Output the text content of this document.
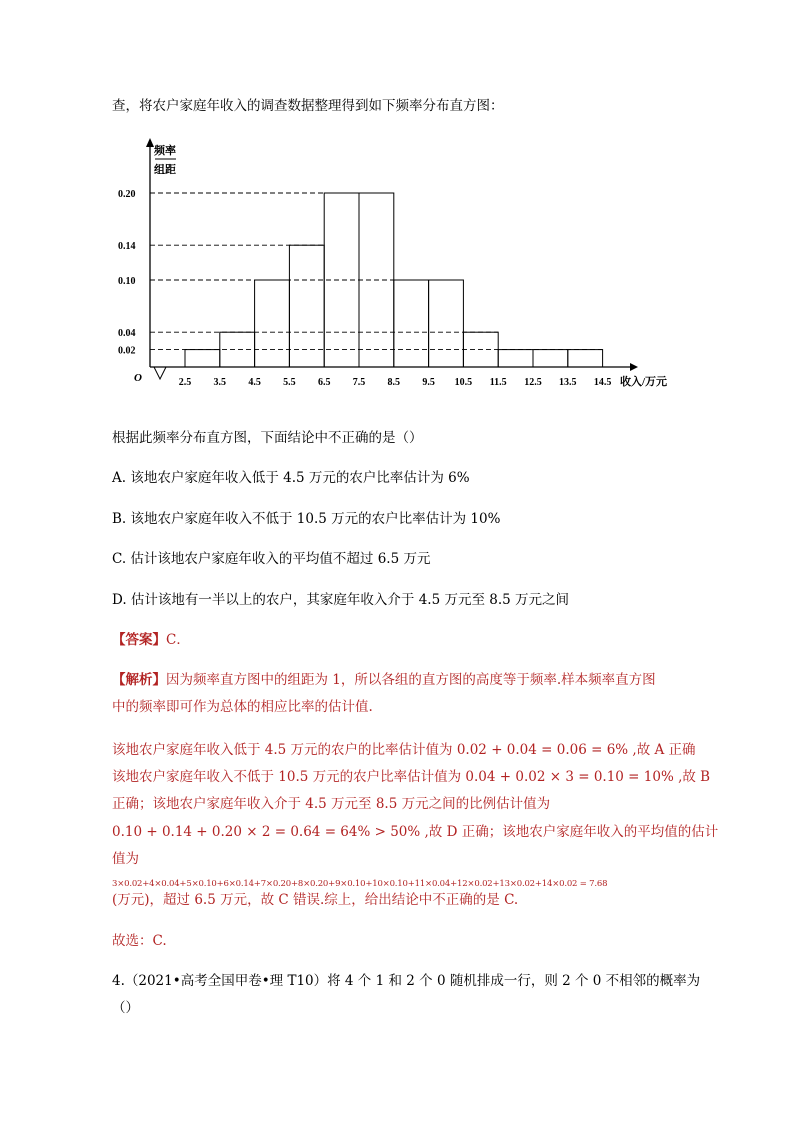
查，将农户家庭年收入的调查数据整理得到如下频率分布直方图：
频率
组距
O	收入/万元
0.02
0.04
0.10
0.14
0.20
2.5 3.5 4.5 5.5 6.5 7.5 8.5 9.5 10.5 11.5 12.5 13.5 14.5
根据此频率分布直方图，下面结论中不正确的是（）
A. 该地农户家庭年收入低于 4.5 万元的农户比率估计为 6%
B. 该地农户家庭年收入不低于 10.5 万元的农户比率估计为 10%
C. 估计该地农户家庭年收入的平均值不超过 6.5 万元
D. 估计该地有一半以上的农户，其家庭年收入介于 4.5 万元至 8.5 万元之间
【答案】C．
【解析】因为频率直方图中的组距为 1，所以各组的直方图的高度等于频率.样本频率直方图
中的频率即可作为总体的相应比率的估计值.
该地农户家庭年收入低于 4.5 万元的农户的比率估计值为 0.02 + 0.04 = 0.06 = 6% ,故 A 正确
该地农户家庭年收入不低于 10.5 万元的农户比率估计值为 0.04 + 0.02 × 3 = 0.10 = 10% ,故 B
正确；该地农户家庭年收入介于 4.5 万元至 8.5 万元之间的比例估计值为
0.10 + 0.14 + 0.20 × 2 = 0.64 = 64% > 50% ,故 D 正确；该地农户家庭年收入的平均值的估计
值为
3×0.02+4×0.04+5×0.10+6×0.14+7×0.20+8×0.20+9×0.10+10×0.10+11×0.04+12×0.02+13×0.02+14×0.02 = 7.68
(万元)，超过 6.5 万元，故 C 错误.综上，给出结论中不正确的是 C.
故选：C.
4.（2021•高考全国甲卷•理 T10）将 4 个 1 和 2 个 0 随机排成一行，则 2 个 0 不相邻的概率为
（）
